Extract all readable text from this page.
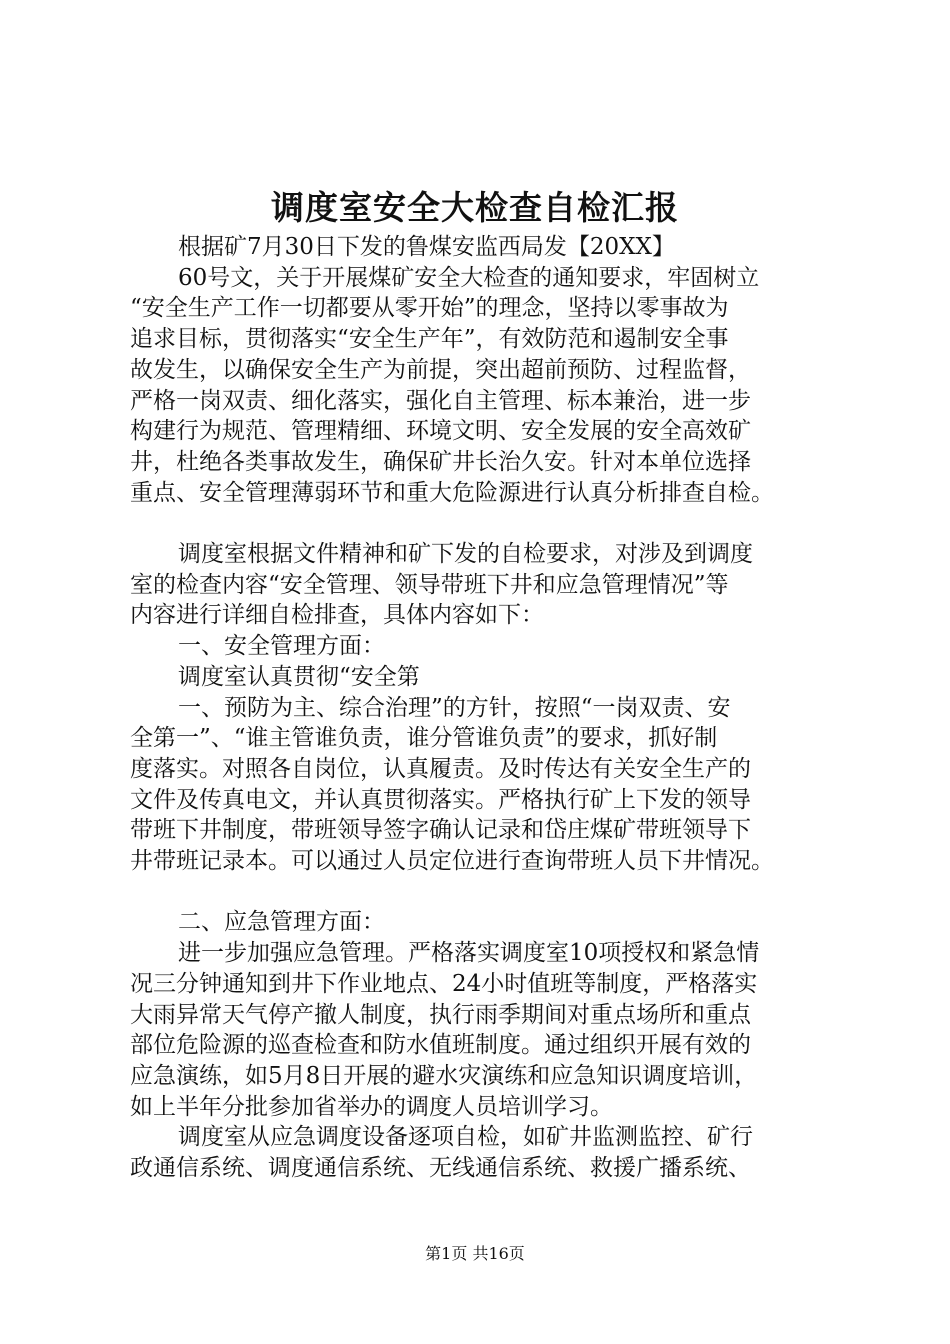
调度室安全大检查自检汇报
根据矿7月30日下发的鲁煤安监西局发【20XX】
60号文，关于开展煤矿安全大检查的通知要求，牢固树立
“安全生产工作一切都要从零开始”的理念，坚持以零事故为
追求目标，贯彻落实“安全生产年”，有效防范和遏制安全事
故发生，以确保安全生产为前提，突出超前预防、过程监督，
严格一岗双责、细化落实，强化自主管理、标本兼治，进一步
构建行为规范、管理精细、环境文明、安全发展的安全高效矿
井，杜绝各类事故发生，确保矿井长治久安。针对本单位选择
重点、安全管理薄弱环节和重大危险源进行认真分析排查自检。
调度室根据文件精神和矿下发的自检要求，对涉及到调度
室的检查内容“安全管理、领导带班下井和应急管理情况”等
内容进行详细自检排查，具体内容如下：
一、安全管理方面：
调度室认真贯彻“安全第
一、预防为主、综合治理”的方针，按照“一岗双责、安
全第一”、“谁主管谁负责，谁分管谁负责”的要求，抓好制
度落实。对照各自岗位，认真履责。及时传达有关安全生产的
文件及传真电文，并认真贯彻落实。严格执行矿上下发的领导
带班下井制度，带班领导签字确认记录和岱庄煤矿带班领导下
井带班记录本。可以通过人员定位进行查询带班人员下井情况。
二、应急管理方面：
进一步加强应急管理。严格落实调度室10项授权和紧急情
况三分钟通知到井下作业地点、24小时值班等制度，严格落实
大雨异常天气停产撤人制度，执行雨季期间对重点场所和重点
部位危险源的巡查检查和防水值班制度。通过组织开展有效的
应急演练，如5月8日开展的避水灾演练和应急知识调度培训，
如上半年分批参加省举办的调度人员培训学习。
调度室从应急调度设备逐项自检，如矿井监测监控、矿行
政通信系统、调度通信系统、无线通信系统、救援广播系统、
第1页 共16页
